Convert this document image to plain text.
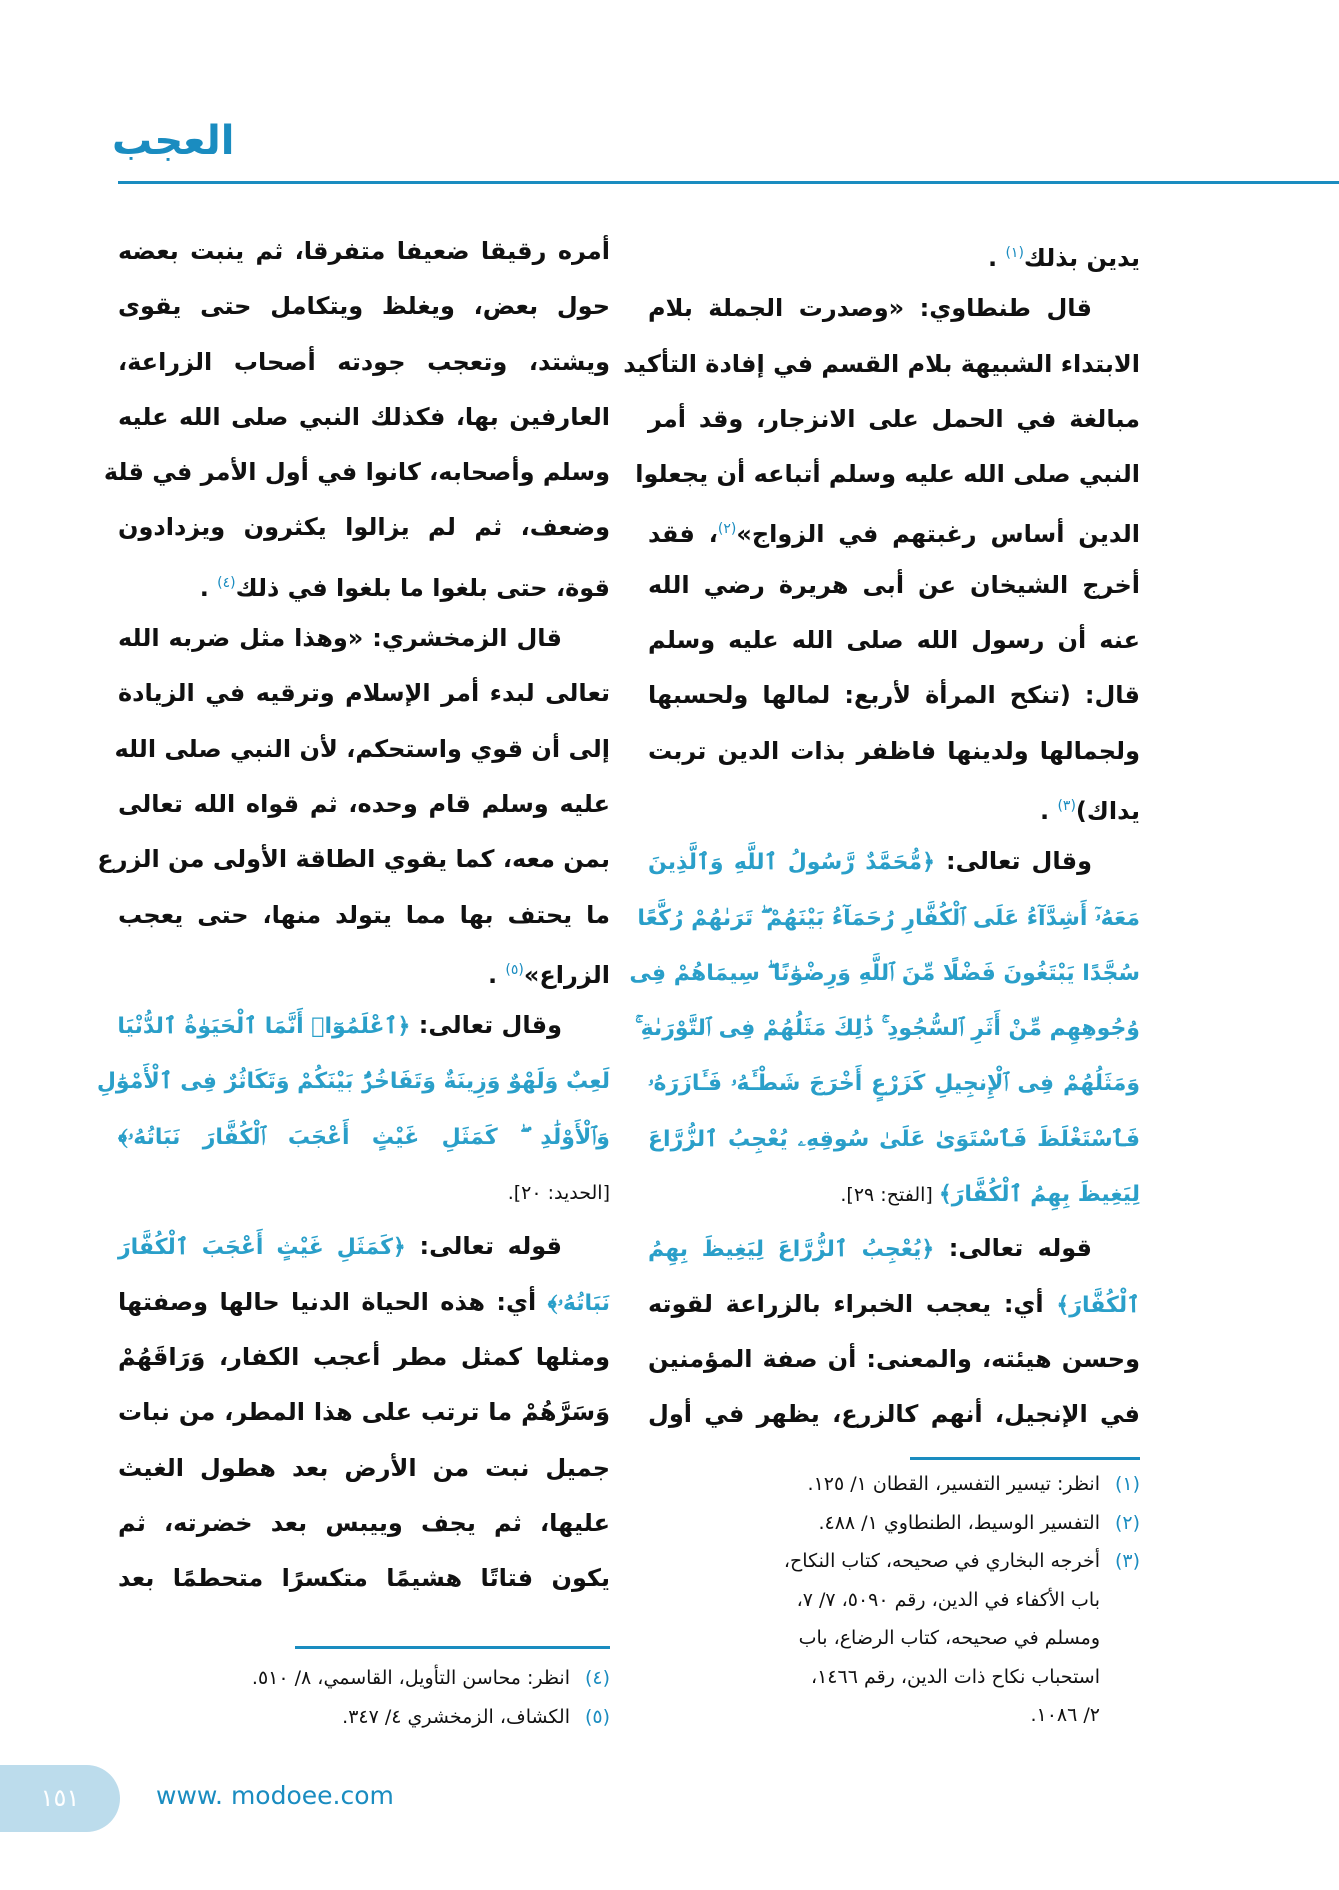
العجب
يدين بذلك$^{(١)}$ .
قال طنطاوي: «وصدرت الجملة بلام
الابتداء الشبيهة بلام القسم في إفادة التأكيد
مبالغة في الحمل على الانزجار، وقد أمر
النبي صلى الله عليه وسلم أتباعه أن يجعلوا
الدين أساس رغبتهم في الزواج»$^{(٢)}$، فقد
أخرج الشيخان عن أبى هريرة رضي الله
عنه أن رسول الله صلى الله عليه وسلم
قال: (تنكح المرأة لأربع: لمالها ولحسبها
ولجمالها ولدينها فاظفر بذات الدين تربت
يداك)$^{(٣)}$ .
وقال تعالى: ﴿مُّحَمَّدٌ رَّسُولُ ٱللَّهِ وَٱلَّذِينَ
مَعَهُۥٓ أَشِدَّآءُ عَلَى ٱلْكُفَّارِ رُحَمَآءُ بَيْنَهُمْ ۖ تَرَىٰهُمْ رُكَّعًا
سُجَّدًا يَبْتَغُونَ فَضْلًا مِّنَ ٱللَّهِ وَرِضْوَٰنًا ۖ سِيمَاهُمْ فِى
وُجُوهِهِم مِّنْ أَثَرِ ٱلسُّجُودِ ۚ ذَٰلِكَ مَثَلُهُمْ فِى ٱلتَّوْرَىٰةِ ۚ
وَمَثَلُهُمْ فِى ٱلْإِنجِيلِ كَزَرْعٍ أَخْرَجَ شَطْـَٔهُۥ فَـَٔازَرَهُۥ
فَٱسْتَغْلَظَ فَٱسْتَوَىٰ عَلَىٰ سُوقِهِۦ يُعْجِبُ ٱلزُّرَّاعَ
لِيَغِيظَ بِهِمُ ٱلْكُفَّارَ﴾ [الفتح: ٢٩].
قوله تعالى: ﴿يُعْجِبُ ٱلزُّرَّاعَ لِيَغِيظَ بِهِمُ
ٱلْكُفَّارَ﴾ أي: يعجب الخبراء بالزراعة لقوته
وحسن هيئته، والمعنى: أن صفة المؤمنين
في الإنجيل، أنهم كالزرع، يظهر في أول
أمره رقيقا ضعيفا متفرقا، ثم ينبت بعضه
حول بعض، ويغلظ ويتكامل حتى يقوى
ويشتد، وتعجب جودته أصحاب الزراعة،
العارفين بها، فكذلك النبي صلى الله عليه
وسلم وأصحابه، كانوا في أول الأمر في قلة
وضعف، ثم لم يزالوا يكثرون ويزدادون
قوة، حتى بلغوا ما بلغوا في ذلك$^{(٤)}$ .
قال الزمخشري: «وهذا مثل ضربه الله
تعالى لبدء أمر الإسلام وترقيه في الزيادة
إلى أن قوي واستحكم، لأن النبي صلى الله
عليه وسلم قام وحده، ثم قواه الله تعالى
بمن معه، كما يقوي الطاقة الأولى من الزرع
ما يحتف بها مما يتولد منها، حتى يعجب
الزراع»$^{(٥)}$ .
وقال تعالى: ﴿ٱعْلَمُوٓا۟ أَنَّمَا ٱلْحَيَوٰةُ ٱلدُّنْيَا
لَعِبٌ وَلَهْوٌ وَزِينَةٌ وَتَفَاخُرٌۢ بَيْنَكُمْ وَتَكَاثُرٌ فِى ٱلْأَمْوَٰلِ
وَٱلْأَوْلَٰدِ ۖ كَمَثَلِ غَيْثٍ أَعْجَبَ ٱلْكُفَّارَ نَبَاتُهُۥ﴾
[الحديد: ٢٠].
قوله تعالى: ﴿كَمَثَلِ غَيْثٍ أَعْجَبَ ٱلْكُفَّارَ
نَبَاتُهُۥ﴾ أي: هذه الحياة الدنيا حالها وصفتها
ومثلها كمثل مطر أعجب الكفار، وَرَاقَهُمْ
وَسَرَّهُمْ ما ترتب على هذا المطر، من نبات
جميل نبت من الأرض بعد هطول الغيث
عليها، ثم يجف وييبس بعد خضرته، ثم
يكون فتاتًا هشيمًا متكسرًا متحطمًا بعد
(١)انظر: تيسير التفسير، القطان ١/ ١٢٥.
(٢)التفسير الوسيط، الطنطاوي ١/ ٤٨٨.
(٣)أخرجه البخاري في صحيحه، كتاب النكاح،
باب الأكفاء في الدين، رقم ٥٠٩٠، ٧/ ٧،
ومسلم في صحيحه، كتاب الرضاع، باب
استحباب نكاح ذات الدين، رقم ١٤٦٦،
٢/ ١٠٨٦.
(٤)انظر: محاسن التأويل، القاسمي، ٨/ ٥١٠.
(٥)الكشاف، الزمخشري ٤/ ٣٤٧.
١٥١	www. modoee.com
